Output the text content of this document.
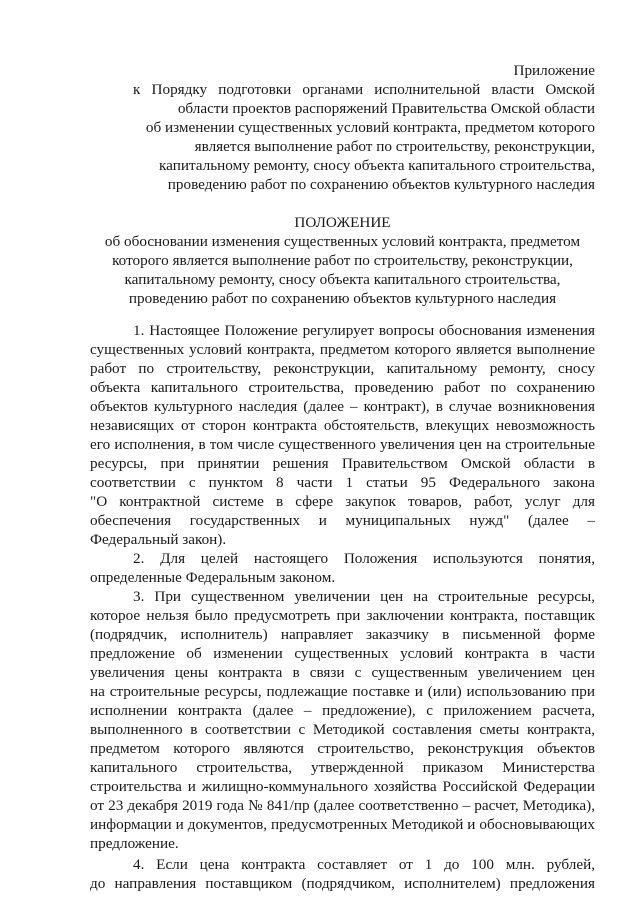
Приложение
к Порядку подготовки органами исполнительной власти Омской
области проектов распоряжений Правительства Омской области
об изменении существенных условий контракта, предметом которого
является выполнение работ по строительству, реконструкции,
капитальному ремонту, сносу объекта капитального строительства,
проведению работ по сохранению объектов культурного наследия
ПОЛОЖЕНИЕ
об обосновании изменения существенных условий контракта, предметом
которого является выполнение работ по строительству, реконструкции,
капитальному ремонту, сносу объекта капитального строительства,
проведению работ по сохранению объектов культурного наследия
1. Настоящее Положение регулирует вопросы обоснования изменения
существенных условий контракта, предметом которого является выполнение
работ по строительству, реконструкции, капитальному ремонту, сносу
объекта капитального строительства, проведению работ по сохранению
объектов культурного наследия (далее – контракт), в случае возникновения
независящих от сторон контракта обстоятельств, влекущих невозможность
его исполнения, в том числе существенного увеличения цен на строительные
ресурсы, при принятии решения Правительством Омской области в
соответствии с пунктом 8 части 1 статьи 95 Федерального закона
"О контрактной системе в сфере закупок товаров, работ, услуг для
обеспечения государственных и муниципальных нужд" (далее –
Федеральный закон).
2. Для целей настоящего Положения используются понятия,
определенные Федеральным законом.
3. При существенном увеличении цен на строительные ресурсы,
которое нельзя было предусмотреть при заключении контракта, поставщик
(подрядчик, исполнитель) направляет заказчику в письменной форме
предложение об изменении существенных условий контракта в части
увеличения цены контракта в связи с существенным увеличением цен
на строительные ресурсы, подлежащие поставке и (или) использованию при
исполнении контракта (далее – предложение), с приложением расчета,
выполненного в соответствии с Методикой составления сметы контракта,
предметом которого являются строительство, реконструкция объектов
капитального строительства, утвержденной приказом Министерства
строительства и жилищно-коммунального хозяйства Российской Федерации
от 23 декабря 2019 года № 841/пр (далее соответственно – расчет, Методика),
информации и документов, предусмотренных Методикой и обосновывающих
предложение.
4. Если цена контракта составляет от 1 до 100 млн. рублей,
до направления поставщиком (подрядчиком, исполнителем) предложения
